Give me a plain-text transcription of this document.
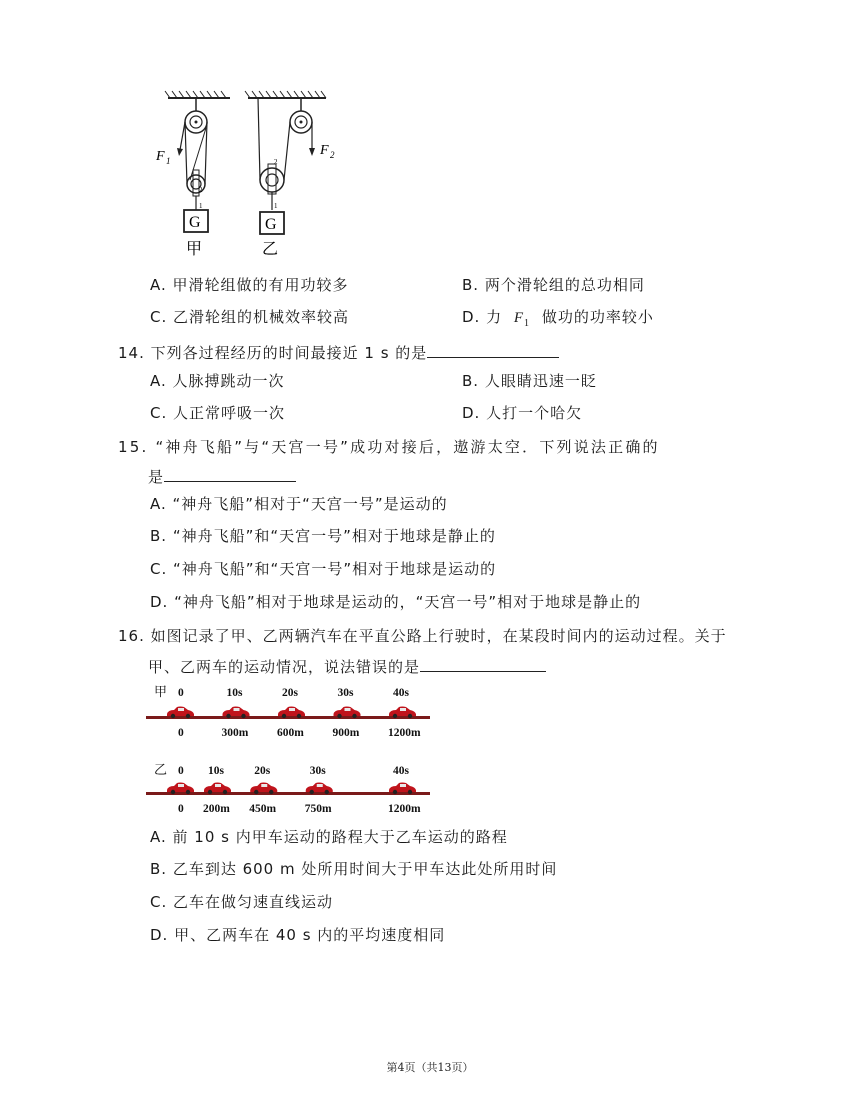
F 1
2
1
G
F 2
2
1
G
甲	乙
A. 甲滑轮组做的有用功较多	B. 两个滑轮组的总功相同
C. 乙滑轮组的机械效率较高	D. 力 $F_1$ 做功的功率较小
14. 下列各过程经历的时间最接近 1 s 的是
A. 人脉搏跳动一次	B. 人眼睛迅速一眨
C. 人正常呼吸一次	D. 人打一个哈欠
15. “神舟飞船”与“天宫一号”成功对接后，遨游太空．下列说法正确的
是
A. “神舟飞船”相对于“天宫一号”是运动的
B. “神舟飞船”和“天宫一号”相对于地球是静止的
C. “神舟飞船”和“天宫一号”相对于地球是运动的
D. “神舟飞船”相对于地球是运动的，“天宫一号”相对于地球是静止的
16. 如图记录了甲、乙两辆汽车在平直公路上行驶时，在某段时间内的运动过程。关于
甲、乙两车的运动情况，说法错误的是
甲 0
0
10s
300m
20s
600m
30s
900m
40s
1200m
乙 0
0
10s
200m
20s
450m
30s
750m
40s
1200m
A. 前 10 s 内甲车运动的路程大于乙车运动的路程
B. 乙车到达 600 m 处所用时间大于甲车达此处所用时间
C. 乙车在做匀速直线运动
D. 甲、乙两车在 40 s 内的平均速度相同
第4页（共13页）
